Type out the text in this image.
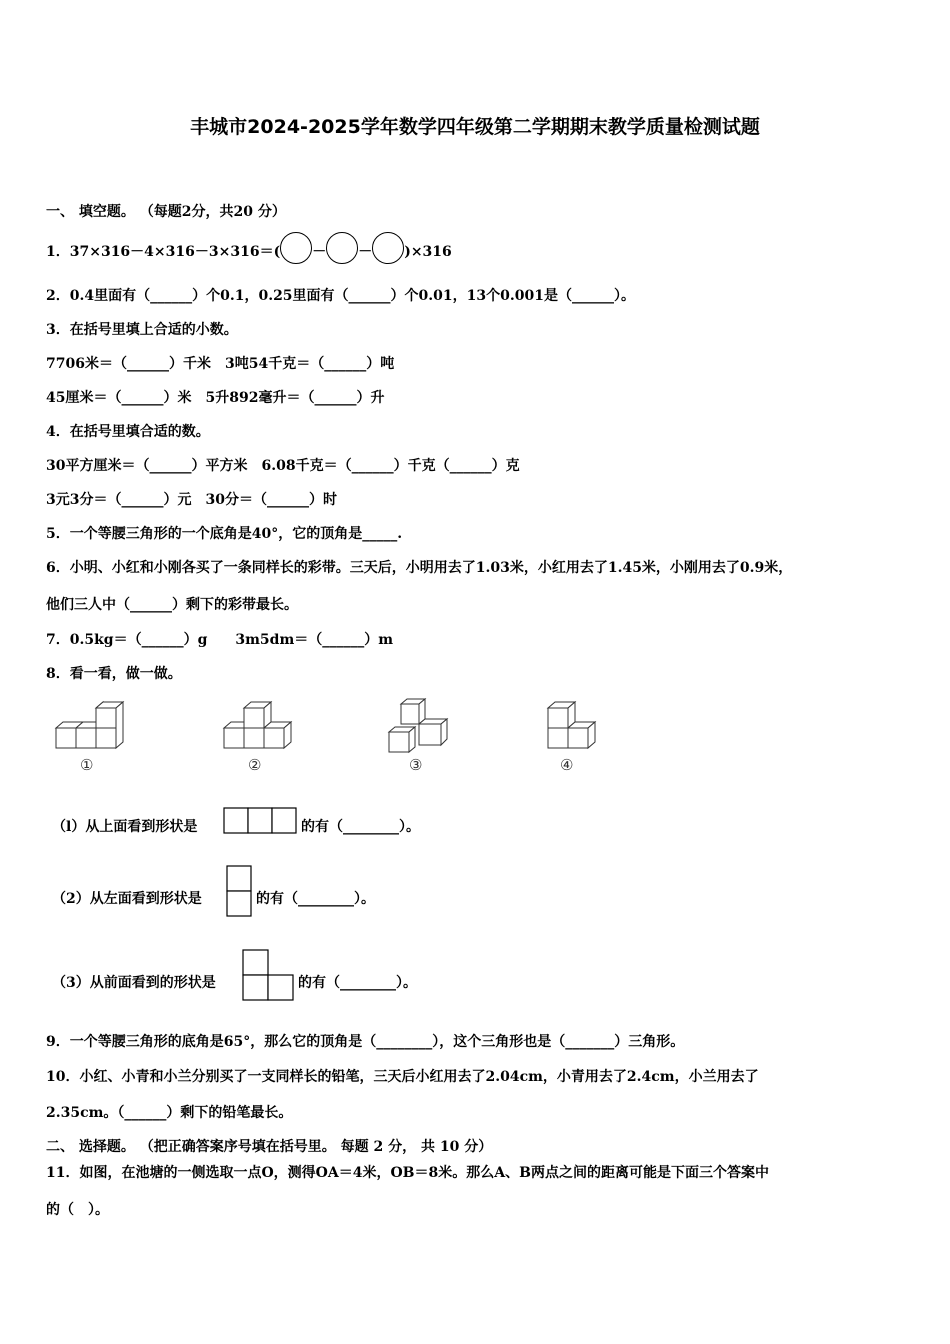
丰城市2024-2025学年数学四年级第二学期期末教学质量检测试题
一、 填空题。 （每题2分，共20 分）
1．37×316－4×316－3×316＝( － － )×316
2．0.4里面有（______）个0.1，0.25里面有（______）个0.01，13个0.001是（______）。
3．在括号里填上合适的小数。
7706米＝（______）千米　3吨54千克＝（______）吨
45厘米＝（______）米　5升892毫升＝（______）升
4．在括号里填合适的数。
30平方厘米＝（______）平方米　6.08千克＝（______）千克（______）克
3元3分＝（______）元　30分＝（______）时
5．一个等腰三角形的一个底角是40°，它的顶角是_____.
6．小明、小红和小刚各买了一条同样长的彩带。三天后，小明用去了1.03米，小红用去了1.45米，小刚用去了0.9米，
他们三人中（______）剩下的彩带最长。
7．0.5kg＝（______）g　　3m5dm＝（______）m
8．看一看，做一做。
①	②	③	④
（l）从上面看到形状是	的有（________）。
（2）从左面看到形状是	的有（________）。
（3）从前面看到的形状是	的有（________）。
9．一个等腰三角形的底角是65°，那么它的顶角是（________），这个三角形也是（_______）三角形。
10．小红、小青和小兰分别买了一支同样长的铅笔，三天后小红用去了2.04cm，小青用去了2.4cm，小兰用去了
2.35cm。（______）剩下的铅笔最长。
二、 选择题。 （把正确答案序号填在括号里。 每题 2 分， 共 10 分）
11．如图，在池塘的一侧选取一点O，测得OA＝4米，OB＝8米。那么A、B两点之间的距离可能是下面三个答案中
的（　）。
